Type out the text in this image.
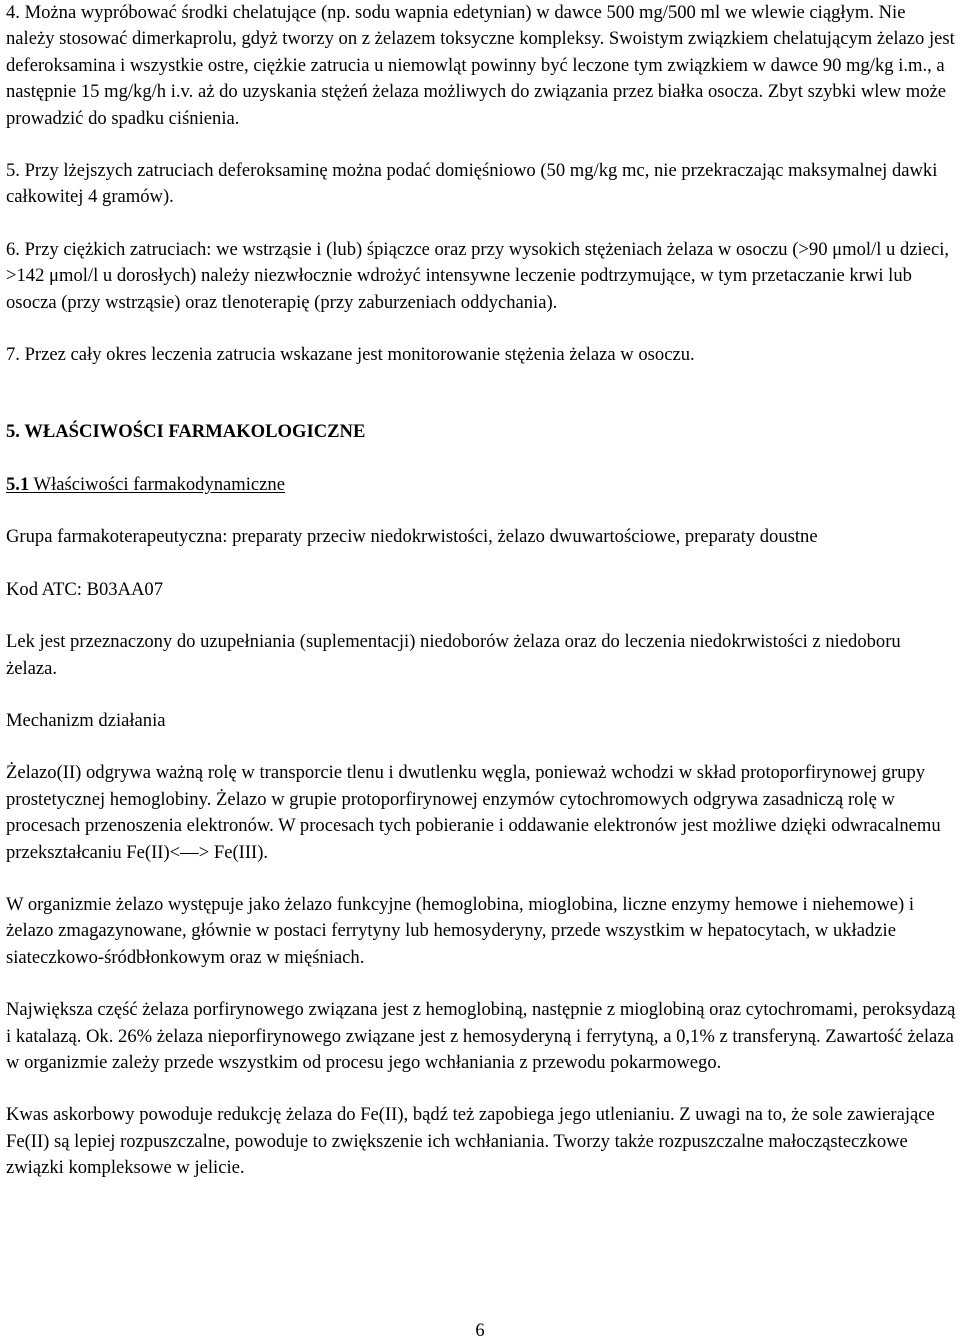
4. Można wypróbować środki chelatujące (np. sodu wapnia edetynian) w dawce 500 mg/500 ml we wlewie ciągłym. Nie należy stosować dimerkaprolu, gdyż tworzy on z żelazem toksyczne kompleksy. Swoistym związkiem chelatującym żelazo jest deferoksamina i wszystkie ostre, ciężkie zatrucia u niemowląt powinny być leczone tym związkiem w dawce 90 mg/kg i.m., a następnie 15 mg/kg/h i.v. aż do uzyskania stężeń żelaza możliwych do związania przez białka osocza. Zbyt szybki wlew może prowadzić do spadku ciśnienia.

5. Przy lżejszych zatruciach deferoksaminę można podać domięśniowo (50 mg/kg mc, nie przekraczając maksymalnej dawki całkowitej 4 gramów).

6. Przy ciężkich zatruciach: we wstrząsie i (lub) śpiączce oraz przy wysokich stężeniach żelaza w osoczu (>90 μmol/l u dzieci, >142 μmol/l u dorosłych) należy niezwłocznie wdrożyć intensywne leczenie podtrzymujące, w tym przetaczanie krwi lub osocza (przy wstrząsie) oraz tlenoterapię (przy zaburzeniach oddychania).

7. Przez cały okres leczenia zatrucia wskazane jest monitorowanie stężenia żelaza w osoczu.

5. WŁAŚCIWOŚCI FARMAKOLOGICZNE

5.1 Właściwości farmakodynamiczne

Grupa farmakoterapeutyczna: preparaty przeciw niedokrwistości, żelazo dwuwartościowe, preparaty doustne

Kod ATC: B03AA07

Lek jest przeznaczony do uzupełniania (suplementacji) niedoborów żelaza oraz do leczenia niedokrwistości z niedoboru żelaza.

Mechanizm działania

Żelazo(II) odgrywa ważną rolę w transporcie tlenu i dwutlenku węgla, ponieważ wchodzi w skład protoporfirynowej grupy prostetycznej hemoglobiny. Żelazo w grupie protoporfirynowej enzymów cytochromowych odgrywa zasadniczą rolę w procesach przenoszenia elektronów. W procesach tych pobieranie i oddawanie elektronów jest możliwe dzięki odwracalnemu przekształcaniu Fe(II)<—> Fe(III).

W organizmie żelazo występuje jako żelazo funkcyjne (hemoglobina, mioglobina, liczne enzymy hemowe i niehemowe) i żelazo zmagazynowane, głównie w postaci ferrytyny lub hemosyderyny, przede wszystkim w hepatocytach, w układzie siateczkowo-śródbłonkowym oraz w mięśniach.

Największa część żelaza porfirynowego związana jest z hemoglobiną, następnie z mioglobiną oraz cytochromami, peroksydazą i katalazą. Ok. 26% żelaza nieporfirynowego związane jest z hemosyderyną i ferrytyną, a 0,1% z transferyną. Zawartość żelaza w organizmie zależy przede wszystkim od procesu jego wchłaniania z przewodu pokarmowego.

Kwas askorbowy powoduje redukcję żelaza do Fe(II), bądź też zapobiega jego utlenianiu. Z uwagi na to, że sole zawierające Fe(II) są lepiej rozpuszczalne, powoduje to zwiększenie ich wchłaniania. Tworzy także rozpuszczalne małocząsteczkowe związki kompleksowe w jelicie.

6
